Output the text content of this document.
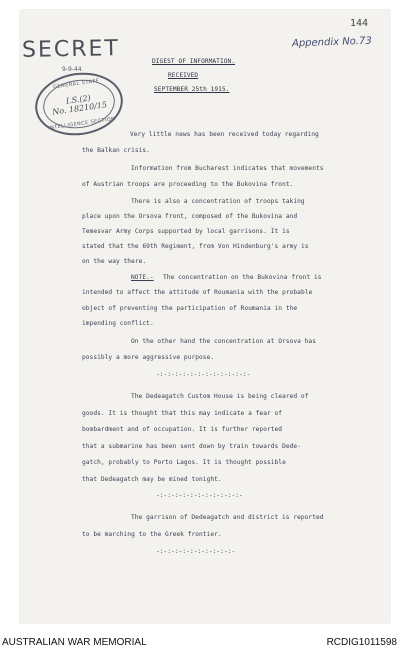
144
Appendix No.73
SECRET
9-9-44
GENERAL STAFF
I.S.(2)
No. 18210/15
INTELLIGENCE SECTION
DIGEST OF INFORMATION.
RECEIVED
SEPTEMBER 25th 1915.
Very little news has been received today regarding
the Balkan crisis.
Information from Bucharest indicates that movements
of Austrian troops are proceeding to the Bukovina front.
There is also a concentration of troops taking
place upon the Orsova front, composed of the Bukovina and
Temesvar Army Corps supported by local garrisons. It is
stated that the 69th Regiment, from Von Hindenburg's army is
on the way there.
NOTE.- The concentration on the Bukovina front is
intended to affect the attitude of Roumania with the probable
object of preventing the participation of Roumania in the
impending conflict.
On the other hand the concentration at Orsova has
possibly a more aggressive purpose.
-:-:-:-:-:-:-:-:-:-:-:-:-
The Dedeagatch Custom House is being cleared of
goods. It is thought that this may indicate a fear of
bombardment and of occupation. It is further reported
that a submarine has been sent down by train towards Dede-
gatch, probably to Porto Lagos. It is thought possible
that Dedeagatch may be mined tonight.
-:-:-:-:-:-:-:-:-:-:-:-
The garrison of Dedeagatch and district is reported
to be marching to the Greek frontier.
-:-:-:-:-:-:-:-:-:-:-
AUSTRALIAN WAR MEMORIAL	RCDIG1011598
